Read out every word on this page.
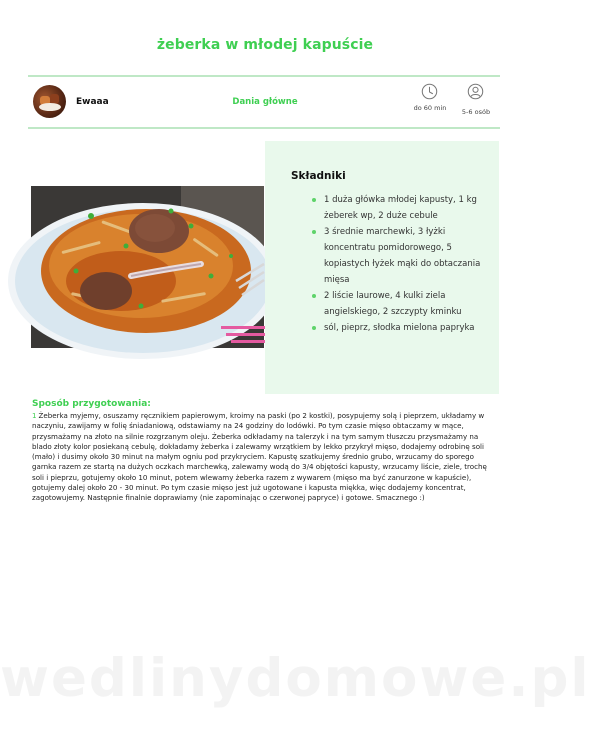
żeberka w młodej kapuście
Ewaaa	Dania główne
do 60 min	5-6 osób
Składniki
1 duża główka młodej kapusty, 1 kg żeberek wp, 2 duże cebule
3 średnie marchewki, 3 łyżki koncentratu pomidorowego, 5 kopiastych łyżek mąki do obtaczania mięsa
2 liście laurowe, 4 kulki ziela angielskiego, 2 szczypty kminku
sól, pieprz, słodka mielona papryka
Sposób przygotowania:

1 Żeberka myjemy, osuszamy ręcznikiem papierowym, kroimy na paski (po 2 kostki), posypujemy solą i pieprzem, układamy w naczyniu, zawijamy w folię śniadaniową, odstawiamy na 24 godziny do lodówki. Po tym czasie mięso obtaczamy w mące, przysmażamy na złoto na silnie rozgrzanym oleju. Żeberka odkładamy na talerzyk i na tym samym tłuszczu przysmażamy na blado złoty kolor posiekaną cebulę, dokładamy żeberka i zalewamy wrzątkiem by lekko przykrył mięso, dodajemy odrobinę soli (mało) i dusimy około 30 minut na małym ogniu pod przykryciem. Kapustę szatkujemy średnio grubo, wrzucamy do sporego garnka razem ze startą na dużych oczkach marchewką, zalewamy wodą do 3/4 objętości kapusty, wrzucamy liście, ziele, trochę soli i pieprzu, gotujemy około 10 minut, potem wlewamy żeberka razem z wywarem (mięso ma być zanurzone w kapuście), gotujemy dalej około 20 - 30 minut. Po tym czasie mięso jest już ugotowane i kapusta miękka, więc dodajemy koncentrat, zagotowujemy. Następnie finalnie doprawiamy (nie zapominając o czerwonej papryce) i gotowe. Smacznego :)

wedlinydomowe.pl
